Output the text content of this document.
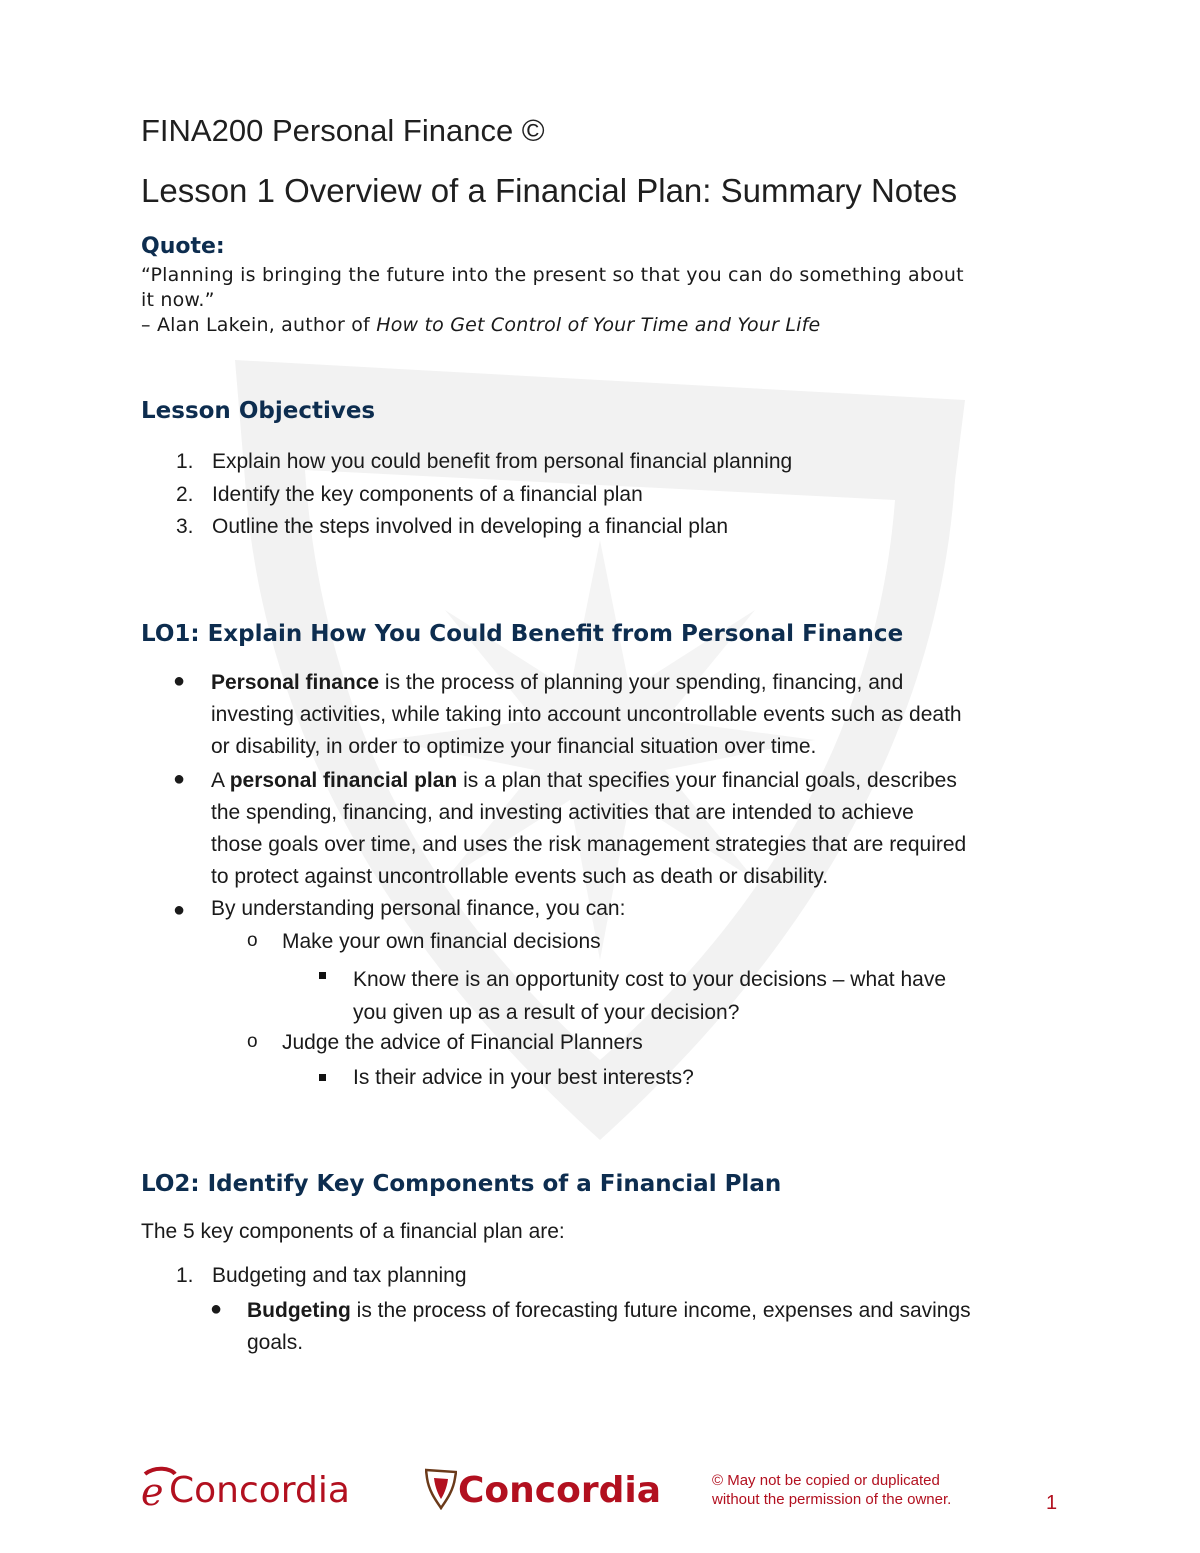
FINA200 Personal Finance ©
Lesson 1 Overview of a Financial Plan: Summary Notes
Quote:
“Planning is bringing the future into the present so that you can do something about
it now.”
– Alan Lakein, author of How to Get Control of Your Time and Your Life
Lesson Objectives
1. Explain how you could benefit from personal financial planning
2. Identify the key components of a financial plan
3. Outline the steps involved in developing a financial plan
LO1: Explain How You Could Benefit from Personal Finance
● Personal finance is the process of planning your spending, financing, and
investing activities, while taking into account uncontrollable events such as death
or disability, in order to optimize your financial situation over time.
● A personal financial plan is a plan that specifies your financial goals, describes
the spending, financing, and investing activities that are intended to achieve
those goals over time, and uses the risk management strategies that are required
to protect against uncontrollable events such as death or disability.
● By understanding personal finance, you can:
o Make your own financial decisions
Know there is an opportunity cost to your decisions – what have
you given up as a result of your decision?
o Judge the advice of Financial Planners
Is their advice in your best interests?
LO2: Identify Key Components of a Financial Plan
The 5 key components of a financial plan are:
1. Budgeting and tax planning
● Budgeting is the process of forecasting future income, expenses and savings
goals.
e Concordia	Concordia	© May not be copied or duplicated
without the permission of the owner.	1
